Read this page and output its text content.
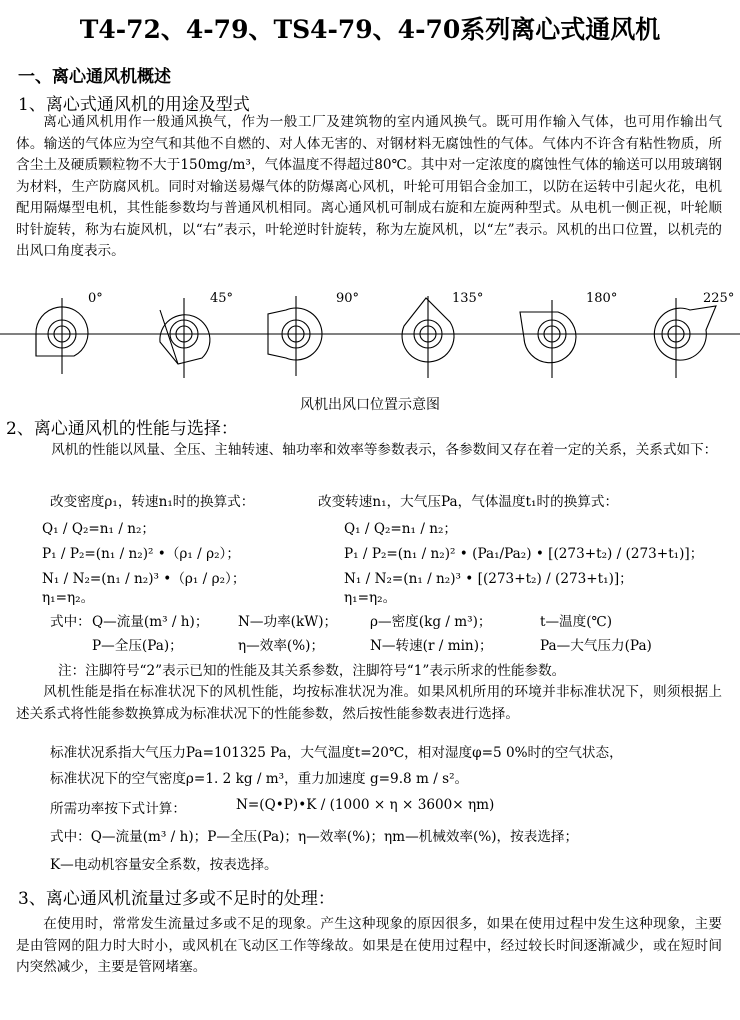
T4-72、4-79、TS4-79、4-70系列离心式通风机
一、离心通风机概述
1、离心式通风机的用途及型式
离心通风机用作一般通风换气，作为一般工厂及建筑物的室内通风换气。既可用作输入气体，也可用作输出气体。输送的气体应为空气和其他不自燃的、对人体无害的、对钢材料无腐蚀性的气体。气体内不许含有粘性物质，所含尘土及硬质颗粒物不大于150mg/m³，气体温度不得超过80℃。其中对一定浓度的腐蚀性气体的输送可以用玻璃钢为材料，生产防腐风机。同时对输送易爆气体的防爆离心风机，叶轮可用铝合金加工，以防在运转中引起火花，电机配用隔爆型电机，其性能参数均与普通风机相同。离心通风机可制成右旋和左旋两种型式。从电机一侧正视，叶轮顺时针旋转，称为右旋风机，以“右”表示，叶轮逆时针旋转，称为左旋风机，以“左”表示。风机的出口位置，以机壳的出风口角度表示。
0°	45°	90°	135°	180°	225°
风机出风口位置示意图
2、离心通风机的性能与选择：
风机的性能以风量、全压、主轴转速、轴功率和效率等参数表示，各参数间又存在着一定的关系，关系式如下：
改变密度ρ₁，转速n₁时的换算式：	改变转速n₁，大气压Pa，气体温度t₁时的换算式：
Q₁ / Q₂=n₁ / n₂；
P₁ / P₂=(n₁ / n₂)² •（ρ₁ / ρ₂）；
N₁ / N₂=(n₁ / n₂)³ •（ρ₁ / ρ₂）；
η₁=η₂。
Q₁ / Q₂=n₁ / n₂；
P₁ / P₂=(n₁ / n₂)² • (Pa₁/Pa₂) • [(273+t₂) / (273+t₁)]；
N₁ / N₂=(n₁ / n₂)³ • [(273+t₂) / (273+t₁)]；
η₁=η₂。
式中： Q—流量(m³ / h)； N—功率(kW)； ρ—密度(kg / m³)；	t—温度(℃)
P—全压(Pa)；	η—效率(%)；	N—转速(r / min)；	Pa—大气压力(Pa)
注：注脚符号“2”表示已知的性能及其关系参数，注脚符号“1”表示所求的性能参数。
风机性能是指在标准状况下的风机性能，均按标准状况为准。如果风机所用的环境并非标准状况下，则须根据上述关系式将性能参数换算成为标准状况下的性能参数，然后按性能参数表进行选择。
标准状况系指大气压力Pa=101325 Pa，大气温度t=20℃，相对湿度φ=5 0%时的空气状态，
标准状况下的空气密度ρ=1. 2 kg / m³，重力加速度 g=9.8 m / s²。
所需功率按下式计算：	N=(Q•P)•K / (1000 × η × 3600× ηm)
式中：Q—流量(m³ / h)；P—全压(Pa)；η—效率(%)；ηm—机械效率(%)，按表选择；
K—电动机容量安全系数，按表选择。
3、离心通风机流量过多或不足时的处理：
在使用时，常常发生流量过多或不足的现象。产生这种现象的原因很多，如果在使用过程中发生这种现象，主要是由管网的阻力时大时小，或风机在飞动区工作等缘故。如果是在使用过程中，经过较长时间逐渐减少，或在短时间内突然减少，主要是管网堵塞。
